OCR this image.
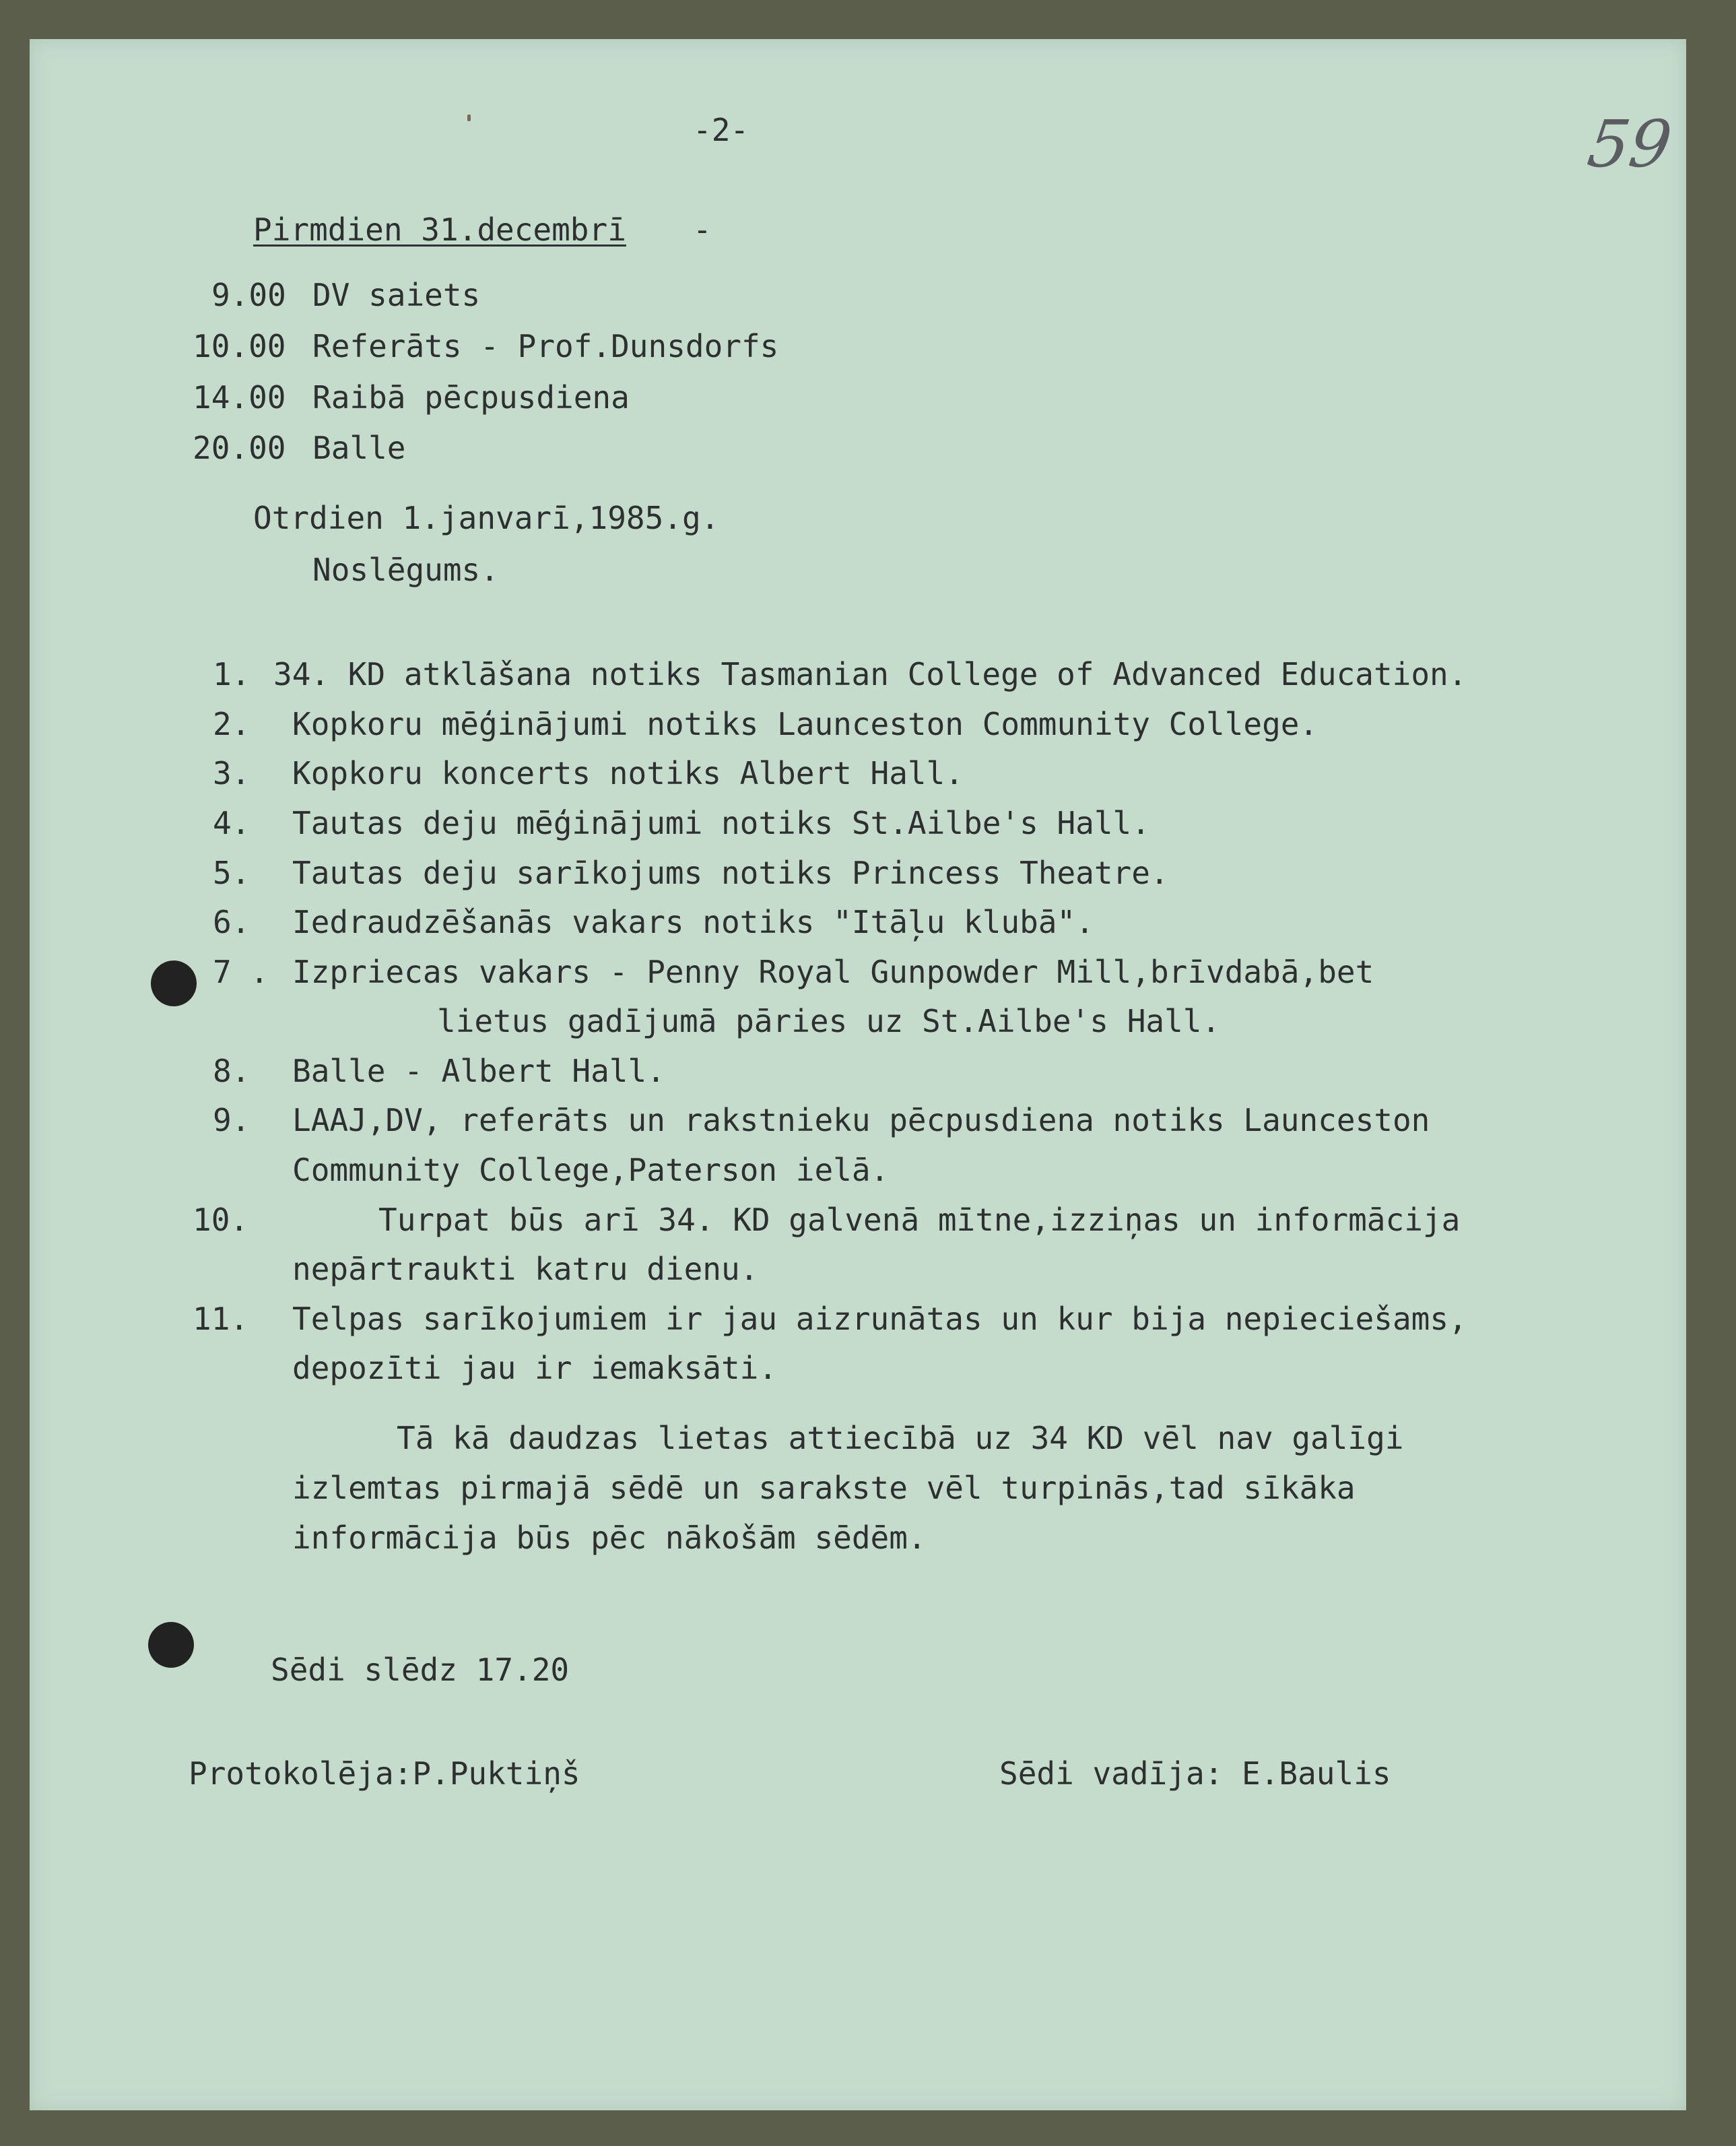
59
-2-
Pirmdien 31.decembrī -
9.00 DV saiets
10.00 Referāts - Prof.Dunsdorfs
14.00 Raibā pēcpusdiena
20.00 Balle
Otrdien 1.janvarī,1985.g.
Noslēgums.
1. 34. KD atklāšana notiks Tasmanian College of Advanced Education.
2. Kopkoru mēģinājumi notiks Launceston Community College.
3. Kopkoru koncerts notiks Albert Hall.
4. Tautas deju mēģinājumi notiks St.Ailbe's Hall.
5. Tautas deju sarīkojums notiks Princess Theatre.
6. Iedraudzēšanās vakars notiks "Itāļu klubā".
7 . Izpriecas vakars - Penny Royal Gunpowder Mill,brīvdabā,bet
lietus gadījumā pāries uz St.Ailbe's Hall.
8. Balle - Albert Hall.
9. LAAJ,DV, referāts un rakstnieku pēcpusdiena notiks Launceston
Community College,Paterson ielā.
10.	Turpat būs arī 34. KD galvenā mītne,izziņas un informācija
nepārtraukti katru dienu.
11. Telpas sarīkojumiem ir jau aizrunātas un kur bija nepieciešams,
depozīti jau ir iemaksāti.
Tā kā daudzas lietas attiecībā uz 34 KD vēl nav galīgi
izlemtas pirmajā sēdē un sarakste vēl turpinās,tad sīkāka
informācija būs pēc nākošām sēdēm.
Sēdi slēdz 17.20
Protokolēja:P.Puktiņš	Sēdi vadīja: E.Baulis
